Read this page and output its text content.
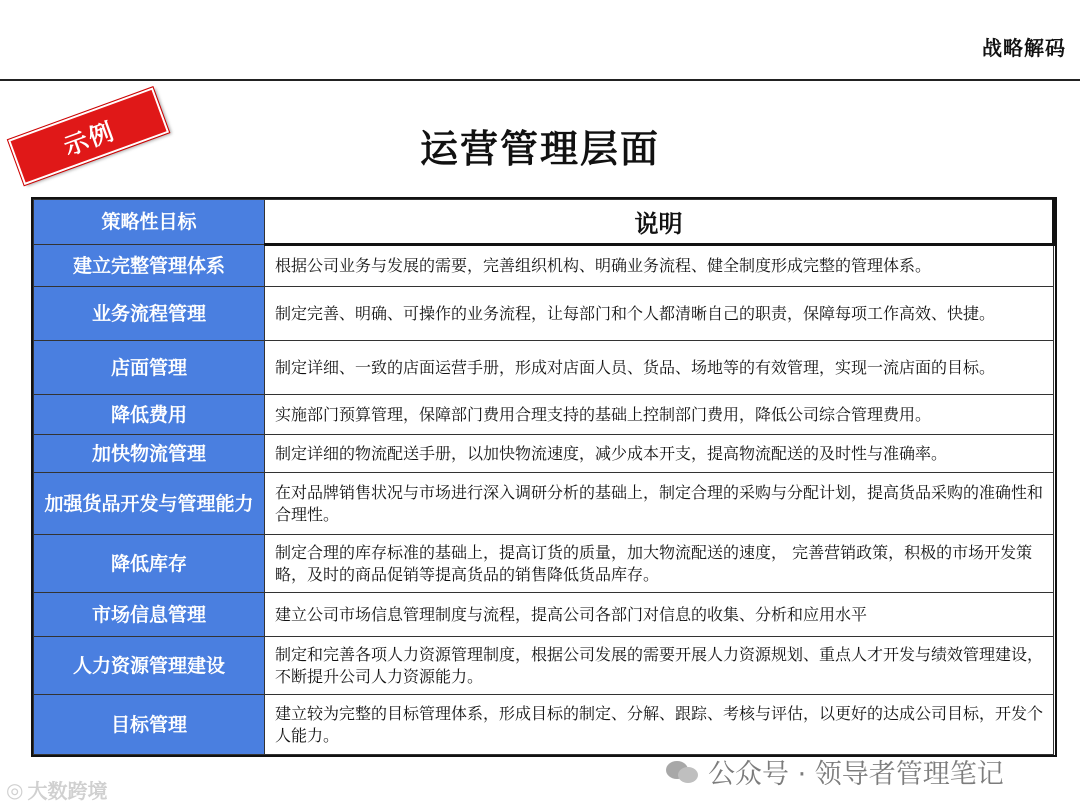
战略解码
运营管理层面
策略性目标	说明
建立完整管理体系	根据公司业务与发展的需要，完善组织机构、明确业务流程、健全制度形成完整的管理体系。
业务流程管理	制定完善、明确、可操作的业务流程，让每部门和个人都清晰自己的职责，保障每项工作高效、快捷。
店面管理	制定详细、一致的店面运营手册，形成对店面人员、货品、场地等的有效管理，实现一流店面的目标。
降低费用	实施部门预算管理，保障部门费用合理支持的基础上控制部门费用，降低公司综合管理费用。
加快物流管理	制定详细的物流配送手册，以加快物流速度，减少成本开支，提高物流配送的及时性与准确率。
加强货品开发与管理能力	在对品牌销售状况与市场进行深入调研分析的基础上，制定合理的采购与分配计划，提高货品采购的准确性和合理性。
降低库存	制定合理的库存标准的基础上，提高订货的质量，加大物流配送的速度， 完善营销政策，积极的市场开发策略，及时的商品促销等提高货品的销售降低货品库存。
市场信息管理	建立公司市场信息管理制度与流程，提高公司各部门对信息的收集、分析和应用水平
人力资源管理建设	制定和完善各项人力资源管理制度，根据公司发展的需要开展人力资源规划、重点人才开发与绩效管理建设，不断提升公司人力资源能力。
目标管理	建立较为完整的目标管理体系，形成目标的制定、分解、跟踪、考核与评估，以更好的达成公司目标，开发个人能力。
示例
◎ 大数跨境
公众号 · 领导者管理笔记
